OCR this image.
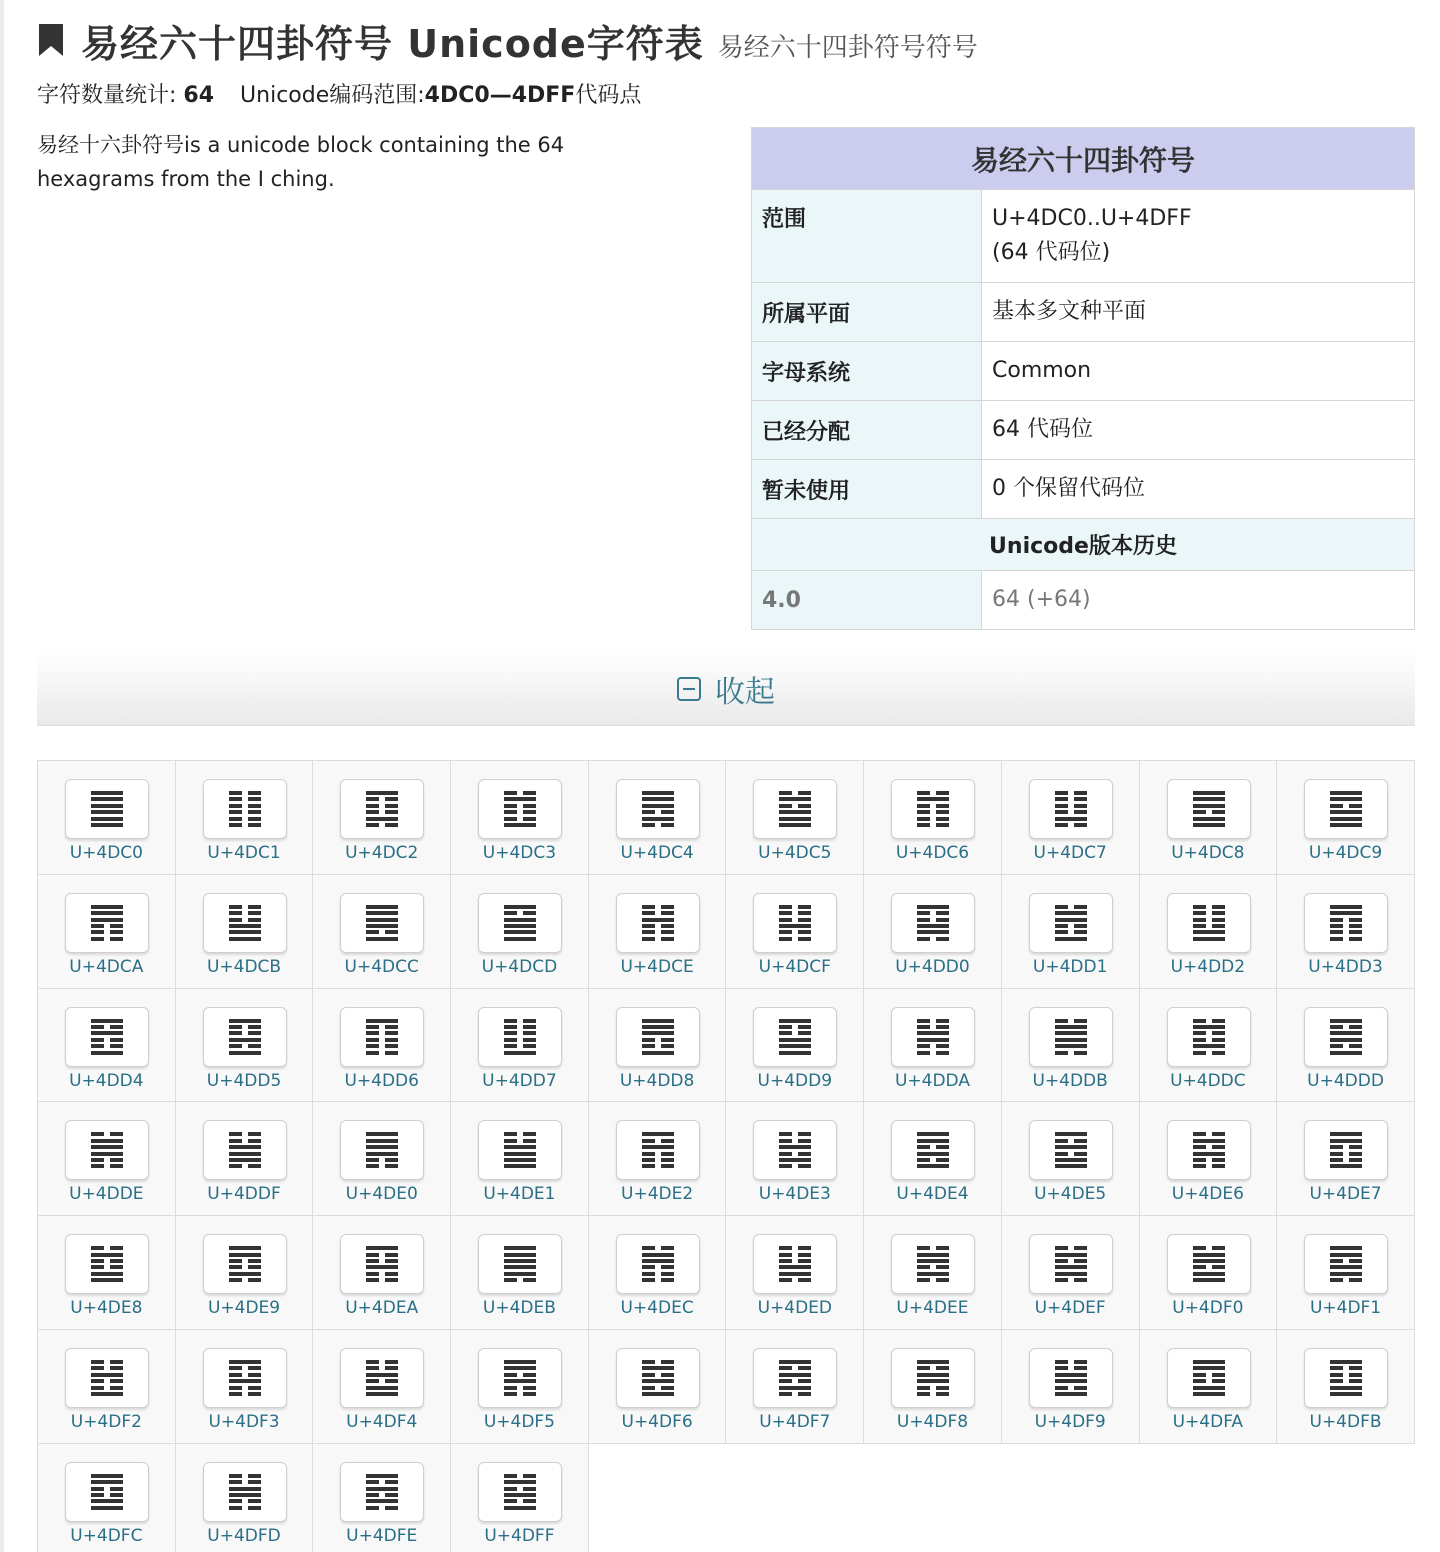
易经六十四卦符号 Unicode字符表 易经六十四卦符号符号
字符数量统计: 64 Unicode编码范围:4DC0—4DFF代码点
易经十六卦符号is a unicode block containing the 64 hexagrams from the I ching.
易经六十四卦符号
范围	U+4DC0..U+4DFF
(64 代码位)
所属平面	基本多文种平面
字母系统	Common
已经分配	64 代码位
暂未使用	0 个保留代码位
Unicode版本历史
4.0	64 (+64)
收起
U+4DC0	U+4DC1	U+4DC2	U+4DC3	U+4DC4	U+4DC5	U+4DC6	U+4DC7	U+4DC8	U+4DC9
U+4DCA	U+4DCB	U+4DCC	U+4DCD	U+4DCE	U+4DCF	U+4DD0	U+4DD1	U+4DD2	U+4DD3
U+4DD4	U+4DD5	U+4DD6	U+4DD7	U+4DD8	U+4DD9	U+4DDA	U+4DDB	U+4DDC	U+4DDD
U+4DDE	U+4DDF	U+4DE0	U+4DE1	U+4DE2	U+4DE3	U+4DE4	U+4DE5	U+4DE6	U+4DE7
U+4DE8	U+4DE9	U+4DEA	U+4DEB	U+4DEC	U+4DED	U+4DEE	U+4DEF	U+4DF0	U+4DF1
U+4DF2	U+4DF3	U+4DF4	U+4DF5	U+4DF6	U+4DF7	U+4DF8	U+4DF9	U+4DFA	U+4DFB
U+4DFC	U+4DFD	U+4DFE	U+4DFF
